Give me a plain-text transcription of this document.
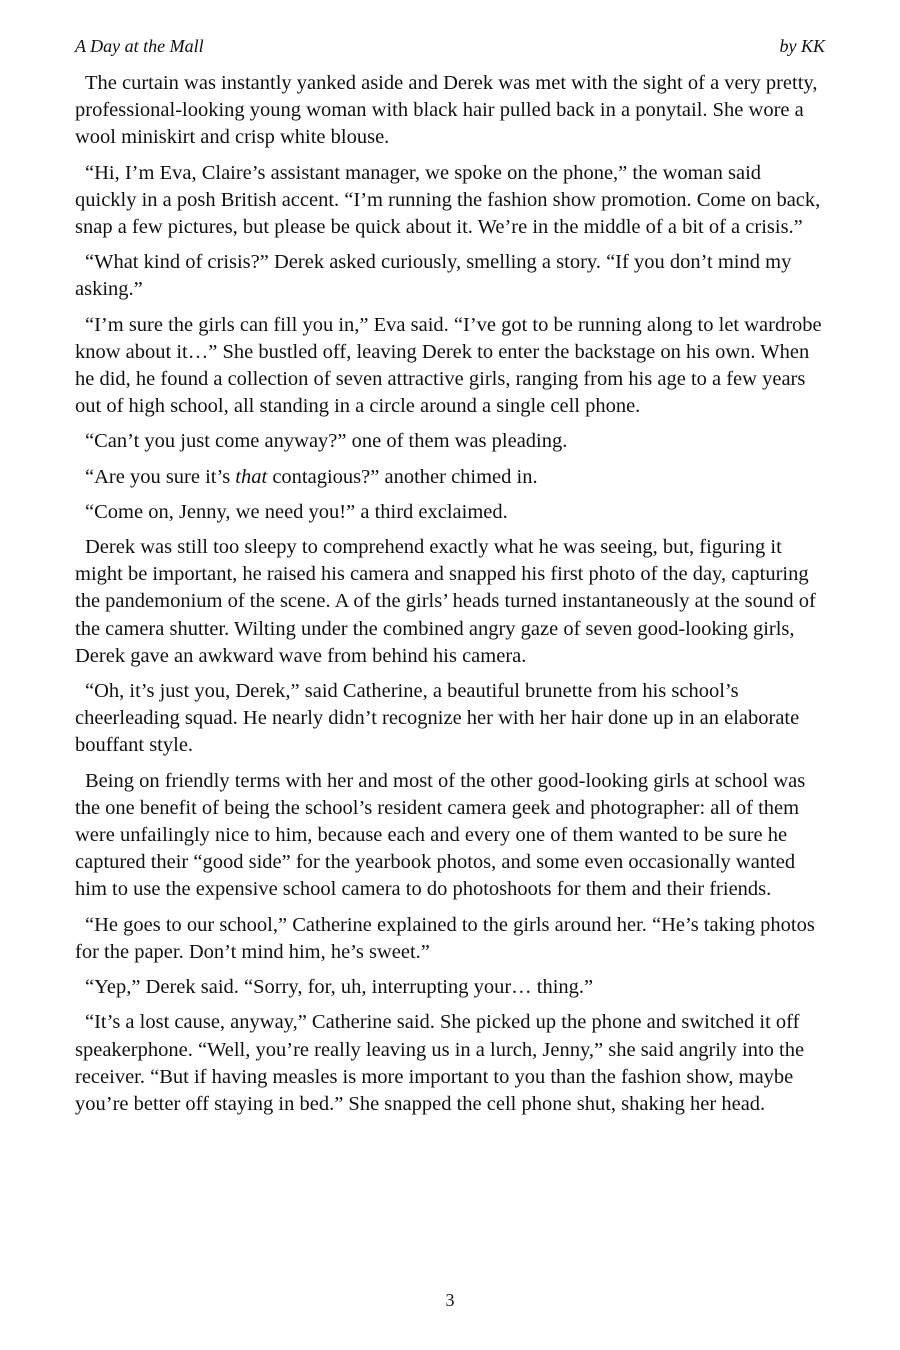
A Day at the Mall	by KK

The curtain was instantly yanked aside and Derek was met with the sight of a very pretty, professional-looking young woman with black hair pulled back in a ponytail. She wore a wool miniskirt and crisp white blouse.

“Hi, I’m Eva, Claire’s assistant manager, we spoke on the phone,” the woman said quickly in a posh British accent. “I’m running the fashion show promotion. Come on back, snap a few pictures, but please be quick about it. We’re in the middle of a bit of a crisis.”

“What kind of crisis?” Derek asked curiously, smelling a story. “If you don’t mind my asking.”

“I’m sure the girls can fill you in,” Eva said. “I’ve got to be running along to let wardrobe know about it…” She bustled off, leaving Derek to enter the backstage on his own. When he did, he found a collection of seven attractive girls, ranging from his age to a few years out of high school, all standing in a circle around a single cell phone.

“Can’t you just come anyway?” one of them was pleading.

“Are you sure it’s that contagious?” another chimed in.

“Come on, Jenny, we need you!” a third exclaimed.

Derek was still too sleepy to comprehend exactly what he was seeing, but, figuring it might be important, he raised his camera and snapped his first photo of the day, capturing the pandemonium of the scene. A of the girls’ heads turned instantaneously at the sound of the camera shutter. Wilting under the combined angry gaze of seven good-looking girls, Derek gave an awkward wave from behind his camera.

“Oh, it’s just you, Derek,” said Catherine, a beautiful brunette from his school’s cheerleading squad. He nearly didn’t recognize her with her hair done up in an elaborate bouffant style.

Being on friendly terms with her and most of the other good-looking girls at school was the one benefit of being the school’s resident camera geek and photographer: all of them were unfailingly nice to him, because each and every one of them wanted to be sure he captured their “good side” for the yearbook photos, and some even occasionally wanted him to use the expensive school camera to do photoshoots for them and their friends.

“He goes to our school,” Catherine explained to the girls around her. “He’s taking photos for the paper. Don’t mind him, he’s sweet.”

“Yep,” Derek said. “Sorry, for, uh, interrupting your… thing.”

“It’s a lost cause, anyway,” Catherine said. She picked up the phone and switched it off speakerphone. “Well, you’re really leaving us in a lurch, Jenny,” she said angrily into the receiver. “But if having measles is more important to you than the fashion show, maybe you’re better off staying in bed.” She snapped the cell phone shut, shaking her head.

3
